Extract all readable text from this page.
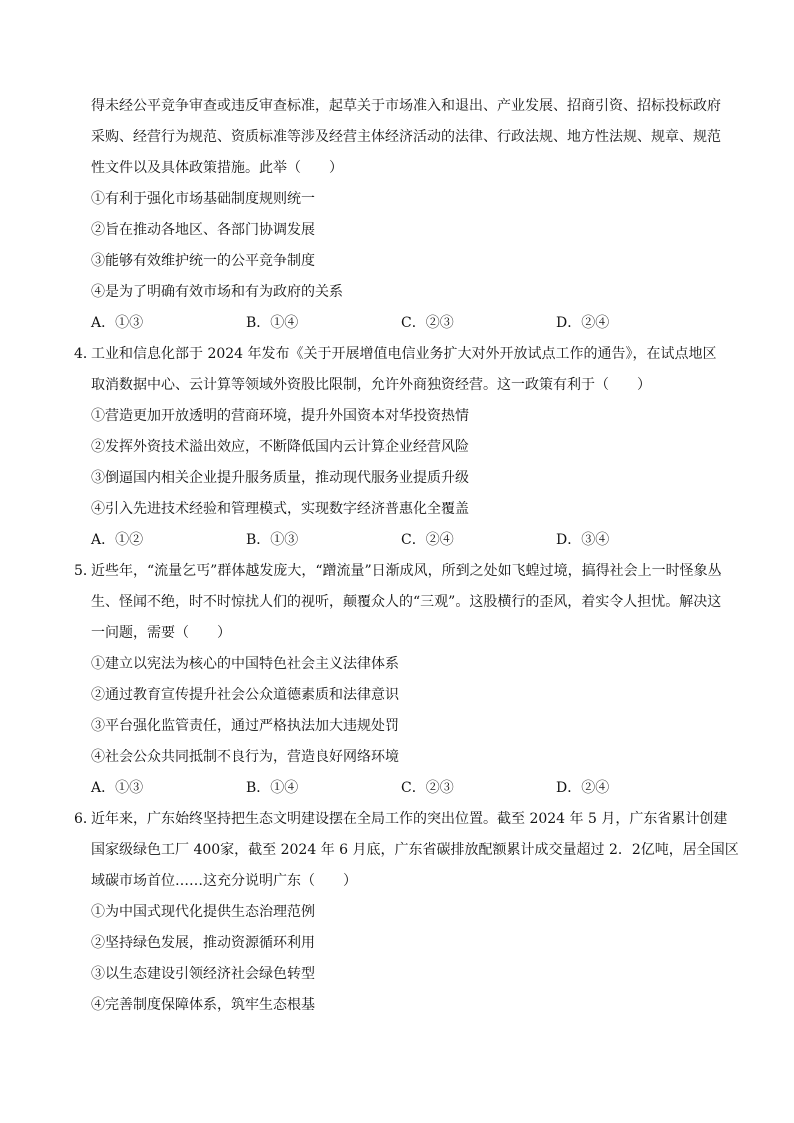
得未经公平竞争审查或违反审查标准，起草关于市场准入和退出、产业发展、招商引资、招标投标政府
采购、经营行为规范、资质标准等涉及经营主体经济活动的法律、行政法规、地方性法规、规章、规范
性文件以及具体政策措施。此举（　　）
①有利于强化市场基础制度规则统一
②旨在推动各地区、各部门协调发展
③能够有效维护统一的公平竞争制度
④是为了明确有效市场和有为政府的关系
A．①③	B．①④	C．②③	D．②④
4．
工业和信息化部于 2024 年发布《关于开展增值电信业务扩大对外开放试点工作的通告》，在试点地区
取消数据中心、云计算等领域外资股比限制，允许外商独资经营。这一政策有利于（　　）
①营造更加开放透明的营商环境，提升外国资本对华投资热情
②发挥外资技术溢出效应，不断降低国内云计算企业经营风险
③倒逼国内相关企业提升服务质量，推动现代服务业提质升级
④引入先进技术经验和管理模式，实现数字经济普惠化全覆盖
A．①②	B．①③	C．②④	D．③④
5．
近些年，“流量乞丐”群体越发庞大，“蹭流量”日渐成风，所到之处如飞蝗过境，搞得社会上一时怪象丛
生、怪闻不绝，时不时惊扰人们的视听，颠覆众人的“三观”。这股横行的歪风，着实令人担忧。解决这
一问题，需要（　　）
①建立以宪法为核心的中国特色社会主义法律体系
②通过教育宣传提升社会公众道德素质和法律意识
③平台强化监管责任，通过严格执法加大违规处罚
④社会公众共同抵制不良行为，营造良好网络环境
A．①③	B．①④	C．②③	D．②④
6．
近年来，广东始终坚持把生态文明建设摆在全局工作的突出位置。截至 2024 年 5 月，广东省累计创建
国家级绿色工厂 400家，截至 2024 年 6 月底，广东省碳排放配额累计成交量超过 2．2亿吨，居全国区
域碳市场首位……这充分说明广东（　　）
①为中国式现代化提供生态治理范例
②坚持绿色发展，推动资源循环利用
③以生态建设引领经济社会绿色转型
④完善制度保障体系，筑牢生态根基
